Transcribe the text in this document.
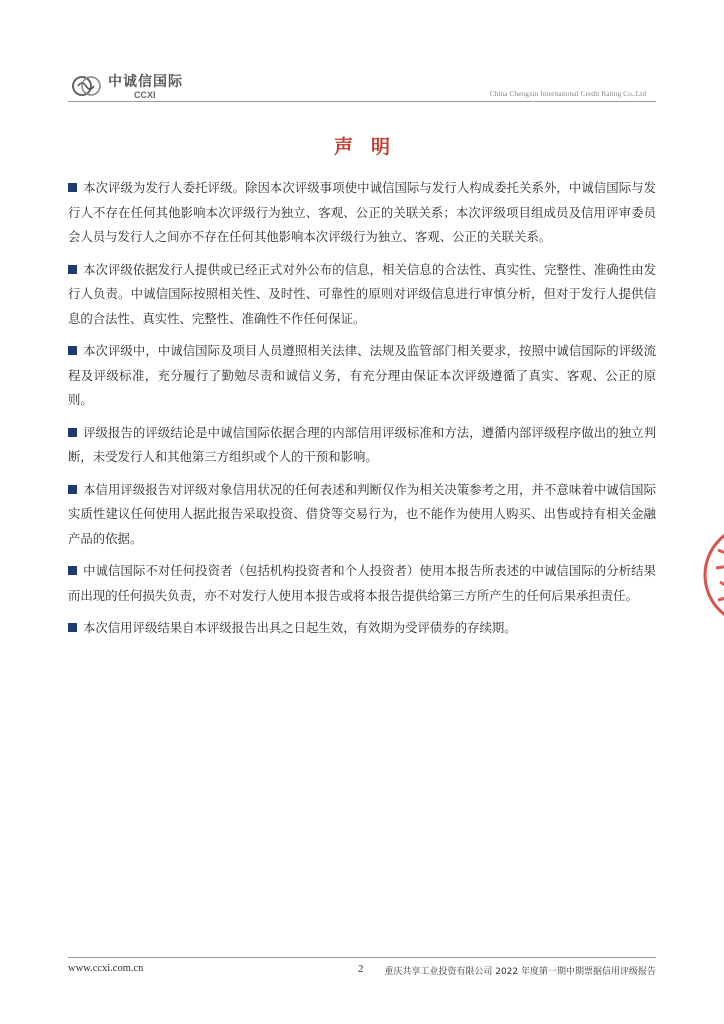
中诚信国际
CCXI	China Chengxin International Credit Rating Co.,Ltd
声明

本次评级为发行人委托评级。除因本次评级事项使中诚信国际与发行人构成委托关系外，中诚信国际与发行人不存在任何其他影响本次评级行为独立、客观、公正的关联关系；本次评级项目组成员及信用评审委员会人员与发行人之间亦不存在任何其他影响本次评级行为独立、客观、公正的关联关系。

本次评级依据发行人提供或已经正式对外公布的信息，相关信息的合法性、真实性、完整性、准确性由发行人负责。中诚信国际按照相关性、及时性、可靠性的原则对评级信息进行审慎分析，但对于发行人提供信息的合法性、真实性、完整性、准确性不作任何保证。

本次评级中，中诚信国际及项目人员遵照相关法律、法规及监管部门相关要求，按照中诚信国际的评级流程及评级标准，充分履行了勤勉尽责和诚信义务，有充分理由保证本次评级遵循了真实、客观、公正的原则。

评级报告的评级结论是中诚信国际依据合理的内部信用评级标准和方法，遵循内部评级程序做出的独立判断，未受发行人和其他第三方组织或个人的干预和影响。

本信用评级报告对评级对象信用状况的任何表述和判断仅作为相关决策参考之用，并不意味着中诚信国际实质性建议任何使用人据此报告采取投资、借贷等交易行为，也不能作为使用人购买、出售或持有相关金融产品的依据。

中诚信国际不对任何投资者（包括机构投资者和个人投资者）使用本报告所表述的中诚信国际的分析结果而出现的任何损失负责，亦不对发行人使用本报告或将本报告提供给第三方所产生的任何后果承担责任。

本次信用评级结果自本评级报告出具之日起生效，有效期为受评债券的存续期。

www.ccxi.com.cn	2 重庆共享工业投资有限公司 2022 年度第一期中期票据信用评级报告
